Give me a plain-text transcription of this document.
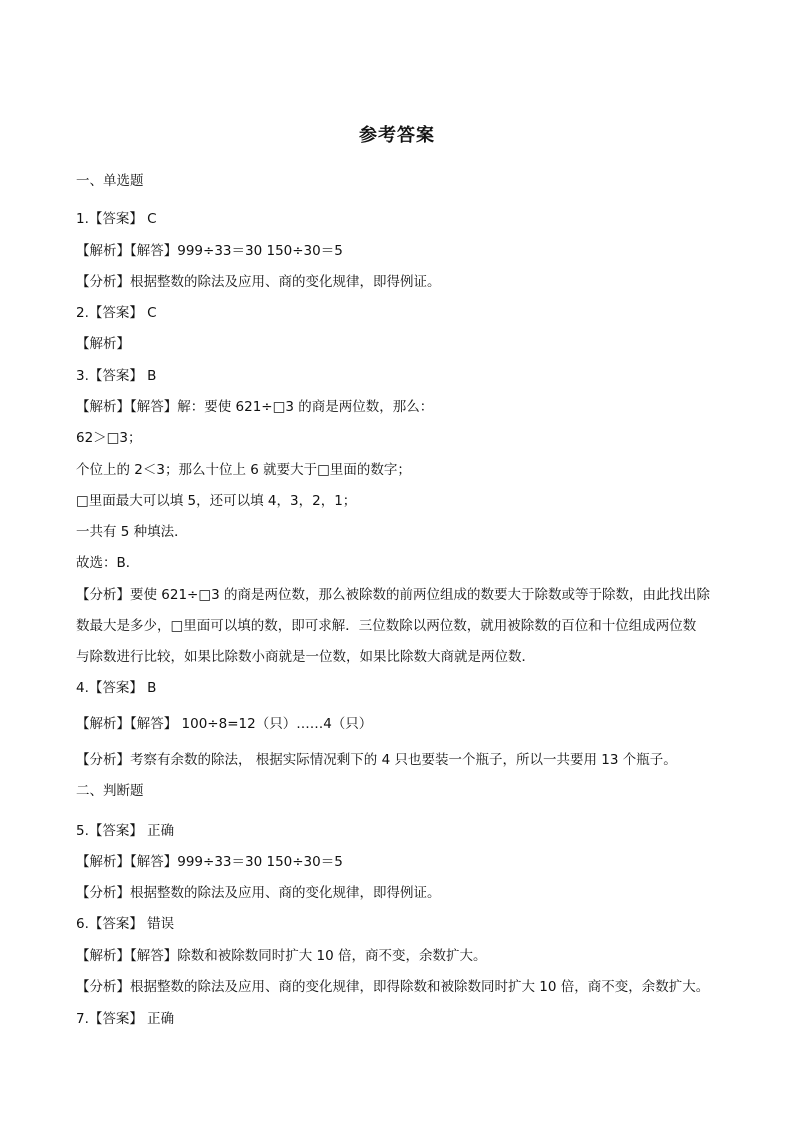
参考答案
一、单选题
1.【答案】 C
【解析】【解答】999÷33＝30 150÷30＝5
【分析】根据整数的除法及应用、商的变化规律，即得例证。
2.【答案】 C
【解析】
3.【答案】 B
【解析】【解答】解：要使 621÷□3 的商是两位数，那么：
62＞□3；
个位上的 2＜3；那么十位上 6 就要大于□里面的数字；
□里面最大可以填 5，还可以填 4，3，2，1；
一共有 5 种填法．
故选：B．
【分析】要使 621÷□3 的商是两位数，那么被除数的前两位组成的数要大于除数或等于除数，由此找出除
数最大是多少，□里面可以填的数，即可求解．三位数除以两位数，就用被除数的百位和十位组成两位数
与除数进行比较，如果比除数小商就是一位数，如果比除数大商就是两位数．
4.【答案】 B
【解析】【解答】 100÷8=12（只）……4（只）
【分析】考察有余数的除法， 根据实际情况剩下的 4 只也要装一个瓶子，所以一共要用 13 个瓶子。
二、判断题
5.【答案】 正确
【解析】【解答】999÷33＝30 150÷30＝5
【分析】根据整数的除法及应用、商的变化规律，即得例证。
6.【答案】 错误
【解析】【解答】除数和被除数同时扩大 10 倍，商不变，余数扩大。
【分析】根据整数的除法及应用、商的变化规律，即得除数和被除数同时扩大 10 倍，商不变，余数扩大。
7.【答案】 正确
